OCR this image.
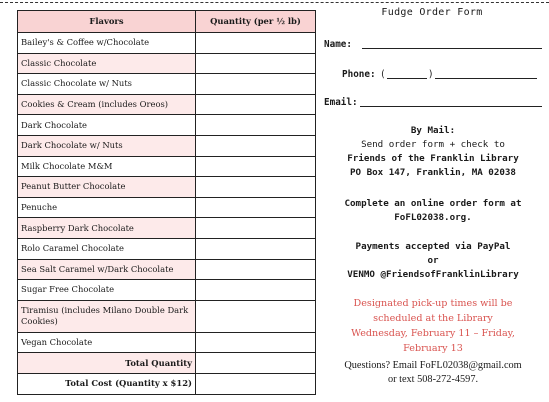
Flavors	Quantity (per ½ lb)
Bailey's & Coffee w/Chocolate	
Classic Chocolate	
Classic Chocolate w/ Nuts	
Cookies & Cream (includes Oreos)	
Dark Chocolate	
Dark Chocolate w/ Nuts	
Milk Chocolate M&M	
Peanut Butter Chocolate	
Penuche	
Raspberry Dark Chocolate	
Rolo Caramel Chocolate	
Sea Salt Caramel w/Dark Chocolate	
Sugar Free Chocolate	
Tiramisu (includes Milano Double Dark Cookies)	
Vegan Chocolate	
Total Quantity	
Total Cost (Quantity x $12)	
Fudge Order Form
Name:
Phone: (	)
Email:
By Mail:
Send order form + check to
Friends of the Franklin Library
PO Box 147, Franklin, MA 02038
Complete an online order form at
FoFL02038.org.
Payments accepted via PayPal
or
VENMO @FriendsofFranklinLibrary
Designated pick-up times will be
scheduled at the Library
Wednesday, February 11 – Friday,
February 13
Questions? Email FoFL02038@gmail.com
or text 508-272-4597.
